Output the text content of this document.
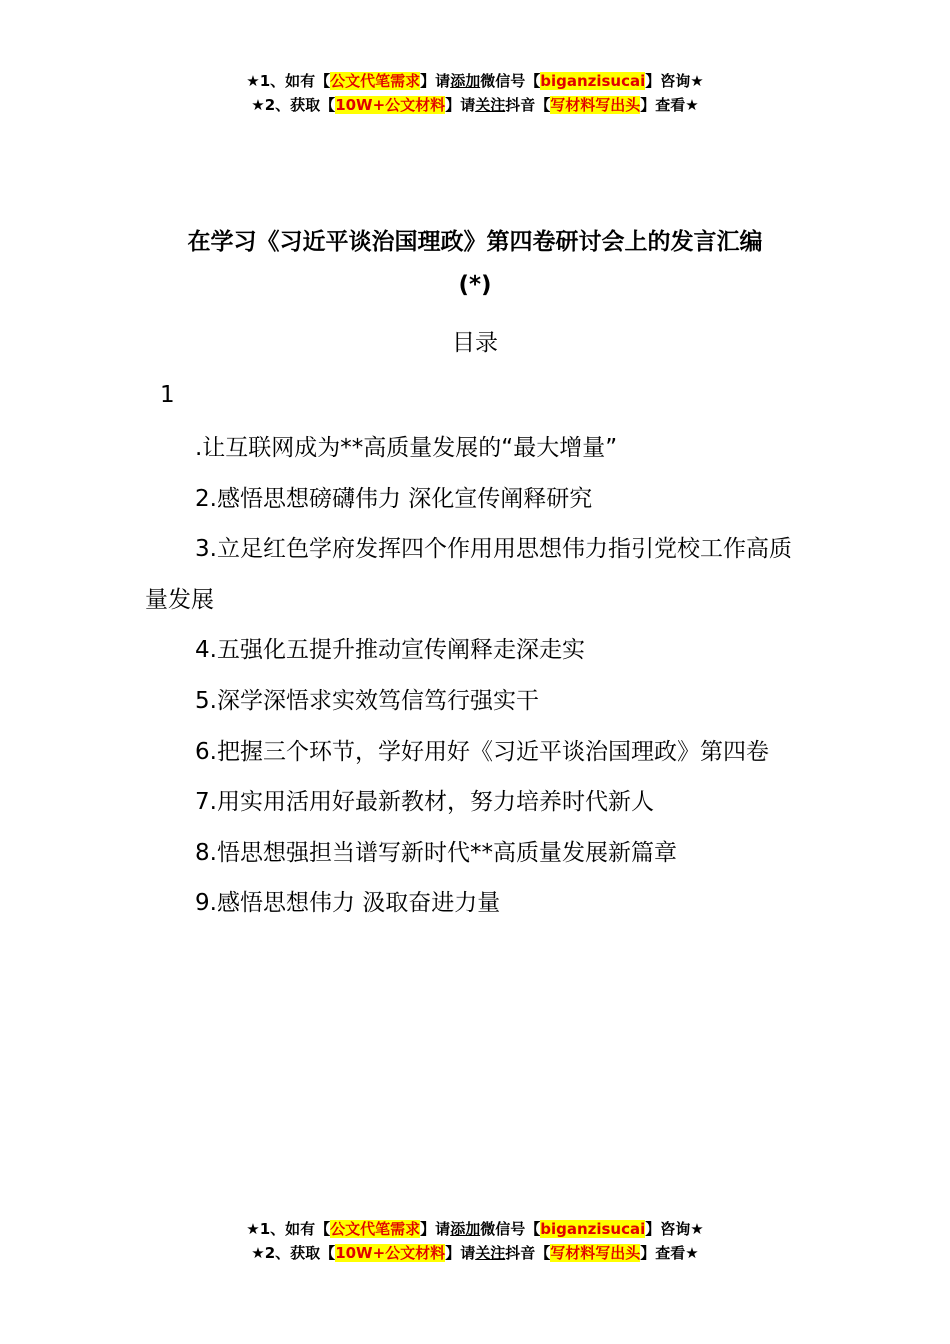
★1、如有【公文代笔需求】请添加微信号【biganzisucai】咨询★
★2、获取【10W+公文材料】请关注抖音【写材料写出头】查看★
在学习《习近平谈治国理政》第四卷研讨会上的发言汇编
(*)
目录
1
.让互联网成为**高质量发展的“最大增量”
2.感悟思想磅礴伟力 深化宣传阐释研究
3.立足红色学府发挥四个作用用思想伟力指引党校工作高质量发展
4.五强化五提升推动宣传阐释走深走实
5.深学深悟求实效笃信笃行强实干
6.把握三个环节，学好用好《习近平谈治国理政》第四卷
7.用实用活用好最新教材，努力培养时代新人
8.悟思想强担当谱写新时代**高质量发展新篇章
9.感悟思想伟力 汲取奋进力量
★1、如有【公文代笔需求】请添加微信号【biganzisucai】咨询★
★2、获取【10W+公文材料】请关注抖音【写材料写出头】查看★
